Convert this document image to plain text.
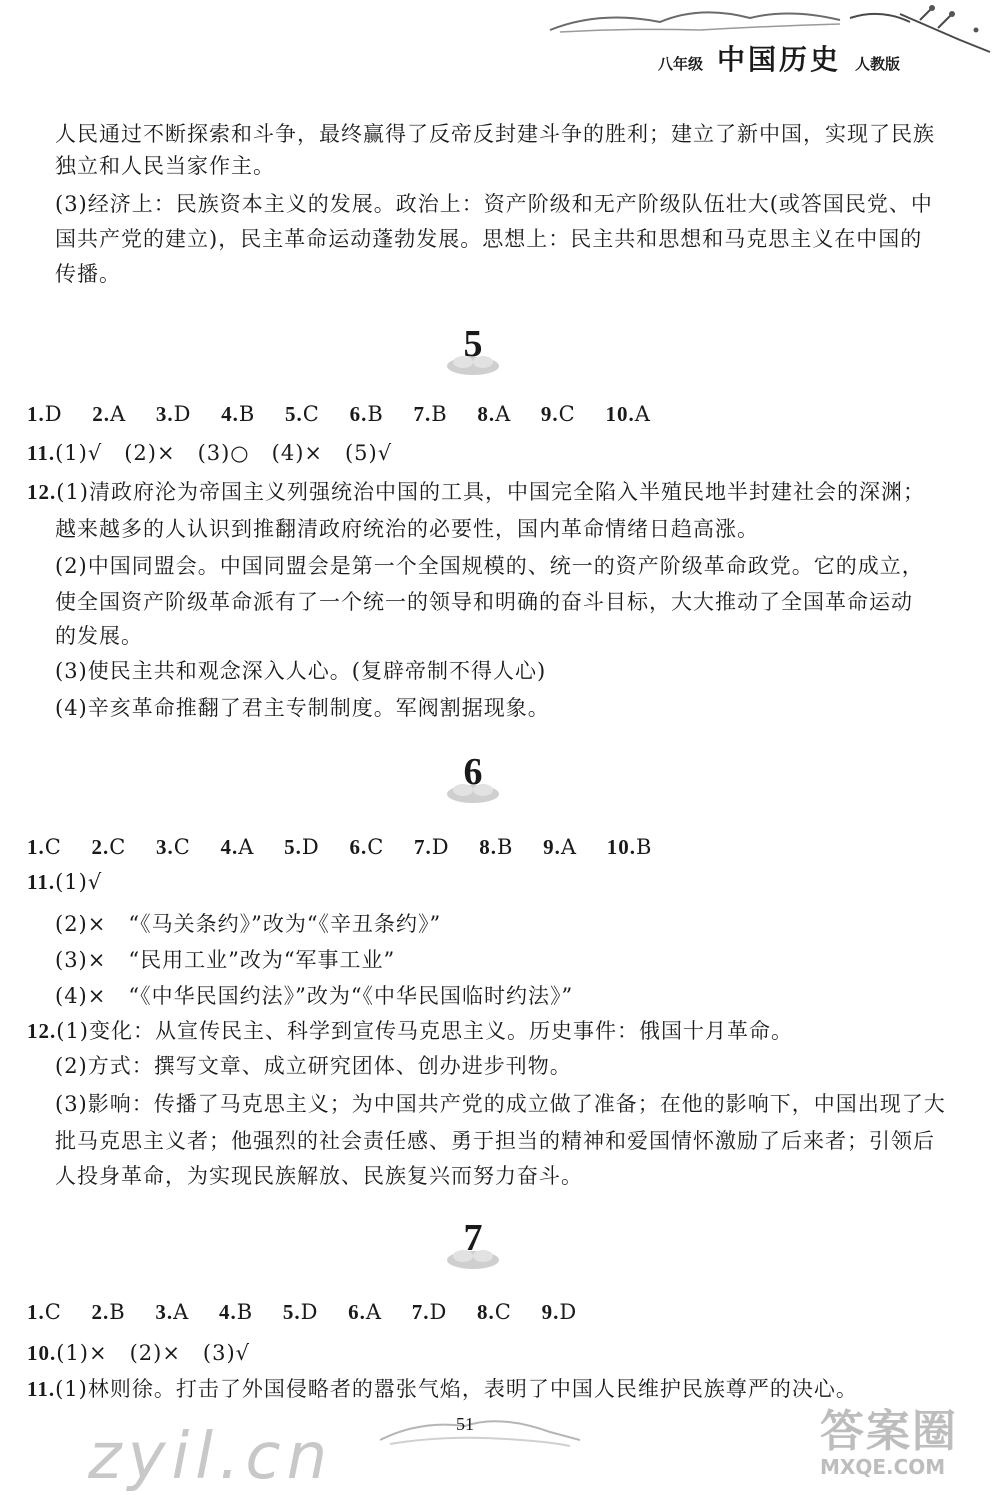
八年级 中国历史 人教版
人民通过不断探索和斗争，最终赢得了反帝反封建斗争的胜利；建立了新中国，实现了民族
独立和人民当家作主。
(3)经济上：民族资本主义的发展。政治上：资产阶级和无产阶级队伍壮大(或答国民党、中
国共产党的建立)，民主革命运动蓬勃发展。思想上：民主共和思想和马克思主义在中国的
传播。
5
1.D 2.A 3.D 4.B 5.C 6.B 7.B 8.A 9.C 10.A
11.(1)√　(2)×　(3)○　(4)×　(5)√
12.(1)清政府沦为帝国主义列强统治中国的工具，中国完全陷入半殖民地半封建社会的深渊；
越来越多的人认识到推翻清政府统治的必要性，国内革命情绪日趋高涨。
(2)中国同盟会。中国同盟会是第一个全国规模的、统一的资产阶级革命政党。它的成立，
使全国资产阶级革命派有了一个统一的领导和明确的奋斗目标，大大推动了全国革命运动
的发展。
(3)使民主共和观念深入人心。(复辟帝制不得人心)
(4)辛亥革命推翻了君主专制制度。军阀割据现象。
6
1.C 2.C 3.C 4.A 5.D 6.C 7.D 8.B 9.A 10.B
11.(1)√
(2)×　“《马关条约》”改为“《辛丑条约》”
(3)×　“民用工业”改为“军事工业”
(4)×　“《中华民国约法》”改为“《中华民国临时约法》”
12.(1)变化：从宣传民主、科学到宣传马克思主义。历史事件：俄国十月革命。
(2)方式：撰写文章、成立研究团体、创办进步刊物。
(3)影响：传播了马克思主义；为中国共产党的成立做了准备；在他的影响下，中国出现了大
批马克思主义者；他强烈的社会责任感、勇于担当的精神和爱国情怀激励了后来者；引领后
人投身革命，为实现民族解放、民族复兴而努力奋斗。
7
1.C 2.B 3.A 4.B 5.D 6.A 7.D 8.C 9.D
10.(1)×　(2)×　(3)√
11.(1)林则徐。打击了外国侵略者的嚣张气焰，表明了中国人民维护民族尊严的决心。
51
zyil.cn	答案圈
MXQE.COM
